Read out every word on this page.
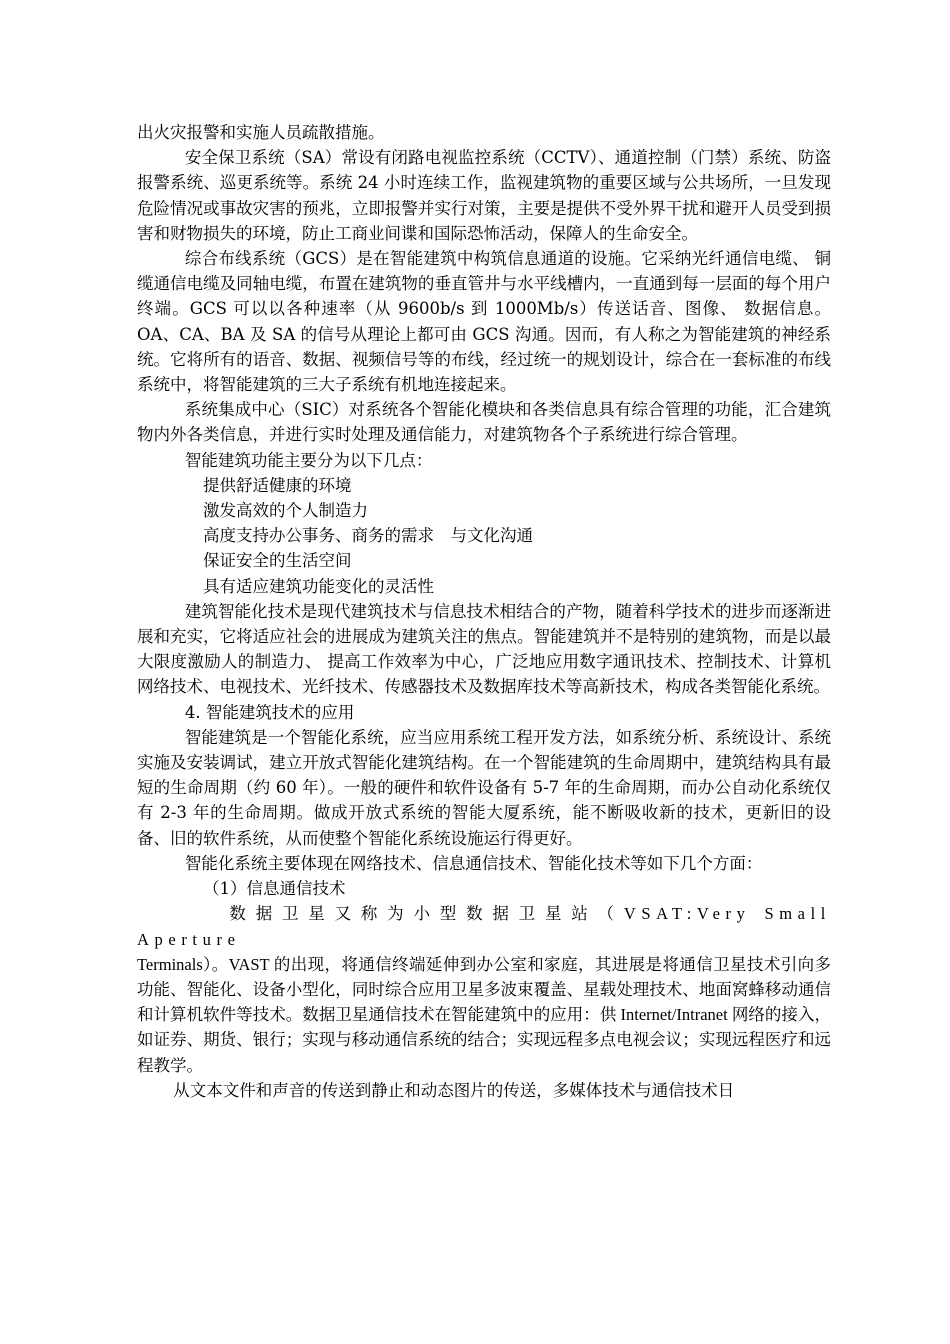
出火灾报警和实施人员疏散措施。

安全保卫系统（SA）常设有闭路电视监控系统（CCTV）、通道控制（门禁）系统、防盗报警系统、巡更系统等。系统 24 小时连续工作，监视建筑物的重要区域与公共场所，一旦发现危险情况或事故灾害的预兆，立即报警并实行对策，主要是提供不受外界干扰和避开人员受到损害和财物损失的环境，防止工商业间谍和国际恐怖活动，保障人的生命安全。

综合布线系统（GCS）是在智能建筑中构筑信息通道的设施。它采纳光纤通信电缆、 铜缆通信电缆及同轴电缆，布置在建筑物的垂直管井与水平线槽内，一直通到每一层面的每个用户终端。GCS 可以以各种速率（从 9600b/s 到 1000Mb/s）传送话音、图像、 数据信息。OA、CA、BA 及 SA 的信号从理论上都可由 GCS 沟通。因而，有人称之为智能建筑的神经系统。它将所有的语音、数据、视频信号等的布线，经过统一的规划设计，综合在一套标准的布线系统中，将智能建筑的三大子系统有机地连接起来。

系统集成中心（SIC）对系统各个智能化模块和各类信息具有综合管理的功能，汇合建筑物内外各类信息，并进行实时处理及通信能力，对建筑物各个子系统进行综合管理。

智能建筑功能主要分为以下几点：

提供舒适健康的环境

激发高效的个人制造力

高度支持办公事务、商务的需求　与文化沟通

保证安全的生活空间

具有适应建筑功能变化的灵活性

建筑智能化技术是现代建筑技术与信息技术相结合的产物，随着科学技术的进步而逐渐进展和充实，它将适应社会的进展成为建筑关注的焦点。智能建筑并不是特别的建筑物，而是以最大限度激励人的制造力、 提高工作效率为中心，广泛地应用数字通讯技术、控制技术、计算机网络技术、电视技术、光纤技术、传感器技术及数据库技术等高新技术，构成各类智能化系统。

4. 智能建筑技术的应用

智能建筑是一个智能化系统，应当应用系统工程开发方法，如系统分析、系统设计、系统实施及安装调试，建立开放式智能化建筑结构。在一个智能建筑的生命周期中，建筑结构具有最短的生命周期（约 60 年）。一般的硬件和软件设备有 5-7 年的生命周期，而办公自动化系统仅有 2-3 年的生命周期。做成开放式系统的智能大厦系统，能不断吸收新的技术，更新旧的设备、旧的软件系统，从而使整个智能化系统设施运行得更好。

智能化系统主要体现在网络技术、信息通信技术、智能化技术等如下几个方面：

（1）信息通信技术

数据卫星又称为小型数据卫星站（VSAT:Very Small Aperture

Terminals）。VAST 的出现，将通信终端延伸到办公室和家庭，其进展是将通信卫星技术引向多功能、智能化、设备小型化，同时综合应用卫星多波束覆盖、星载处理技术、地面窝蜂移动通信和计算机软件等技术。数据卫星通信技术在智能建筑中的应用：供 Internet/Intranet 网络的接入，如证券、期货、银行；实现与移动通信系统的结合；实现远程多点电视会议；实现远程医疗和远程教学。

从文本文件和声音的传送到静止和动态图片的传送，多媒体技术与通信技术日
